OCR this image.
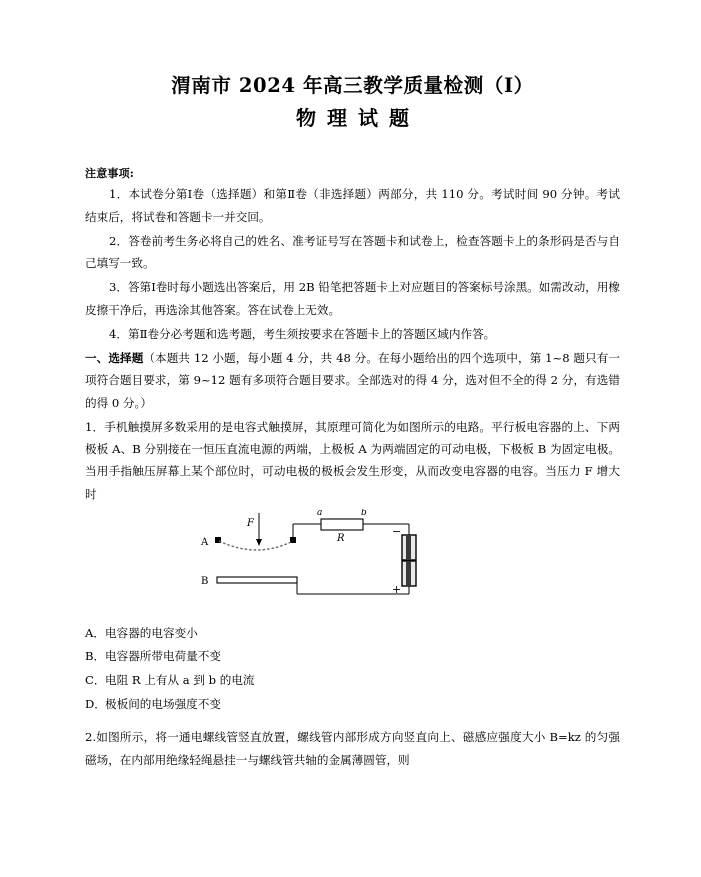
渭南市 2024 年高三教学质量检测（Ⅰ）
物理试题
注意事项:
1．本试卷分第Ⅰ卷（选择题）和第Ⅱ卷（非选择题）两部分，共 110 分。考试时间 90 分钟。考试结束后，将试卷和答题卡一并交回。
2．答卷前考生务必将自己的姓名、准考证号写在答题卡和试卷上，检查答题卡上的条形码是否与自己填写一致。
3．答第Ⅰ卷时每小题选出答案后，用 2B 铅笔把答题卡上对应题目的答案标号涂黑。如需改动，用橡皮擦干净后，再选涂其他答案。答在试卷上无效。
4．第Ⅱ卷分必考题和选考题，考生须按要求在答题卡上的答题区域内作答。
一、选择题（本题共 12 小题，每小题 4 分，共 48 分。在每小题给出的四个选项中，第 1~8 题只有一项符合题目要求，第 9~12 题有多项符合题目要求。全部选对的得 4 分，选对但不全的得 2 分，有选错的得 0 分。）
1．手机触摸屏多数采用的是电容式触摸屏，其原理可简化为如图所示的电路。平行板电容器的上、下两极板 A、B 分别接在一恒压直流电源的两端，上极板 A 为两端固定的可动电极，下极板 B 为固定电极。当用手指触压屏幕上某个部位时，可动电极的极板会发生形变，从而改变电容器的电容。当压力 F 增大时
F
A
B
R
a	b
−
+
A．电容器的电容变小
B．电容器所带电荷量不变
C．电阻 R 上有从 a 到 b 的电流
D．极板间的电场强度不变
2.如图所示，将一通电螺线管竖直放置，螺线管内部形成方向竖直向上、磁感应强度大小 B=kz 的匀强磁场，在内部用绝缘轻绳悬挂一与螺线管共轴的金属薄圆管，则
